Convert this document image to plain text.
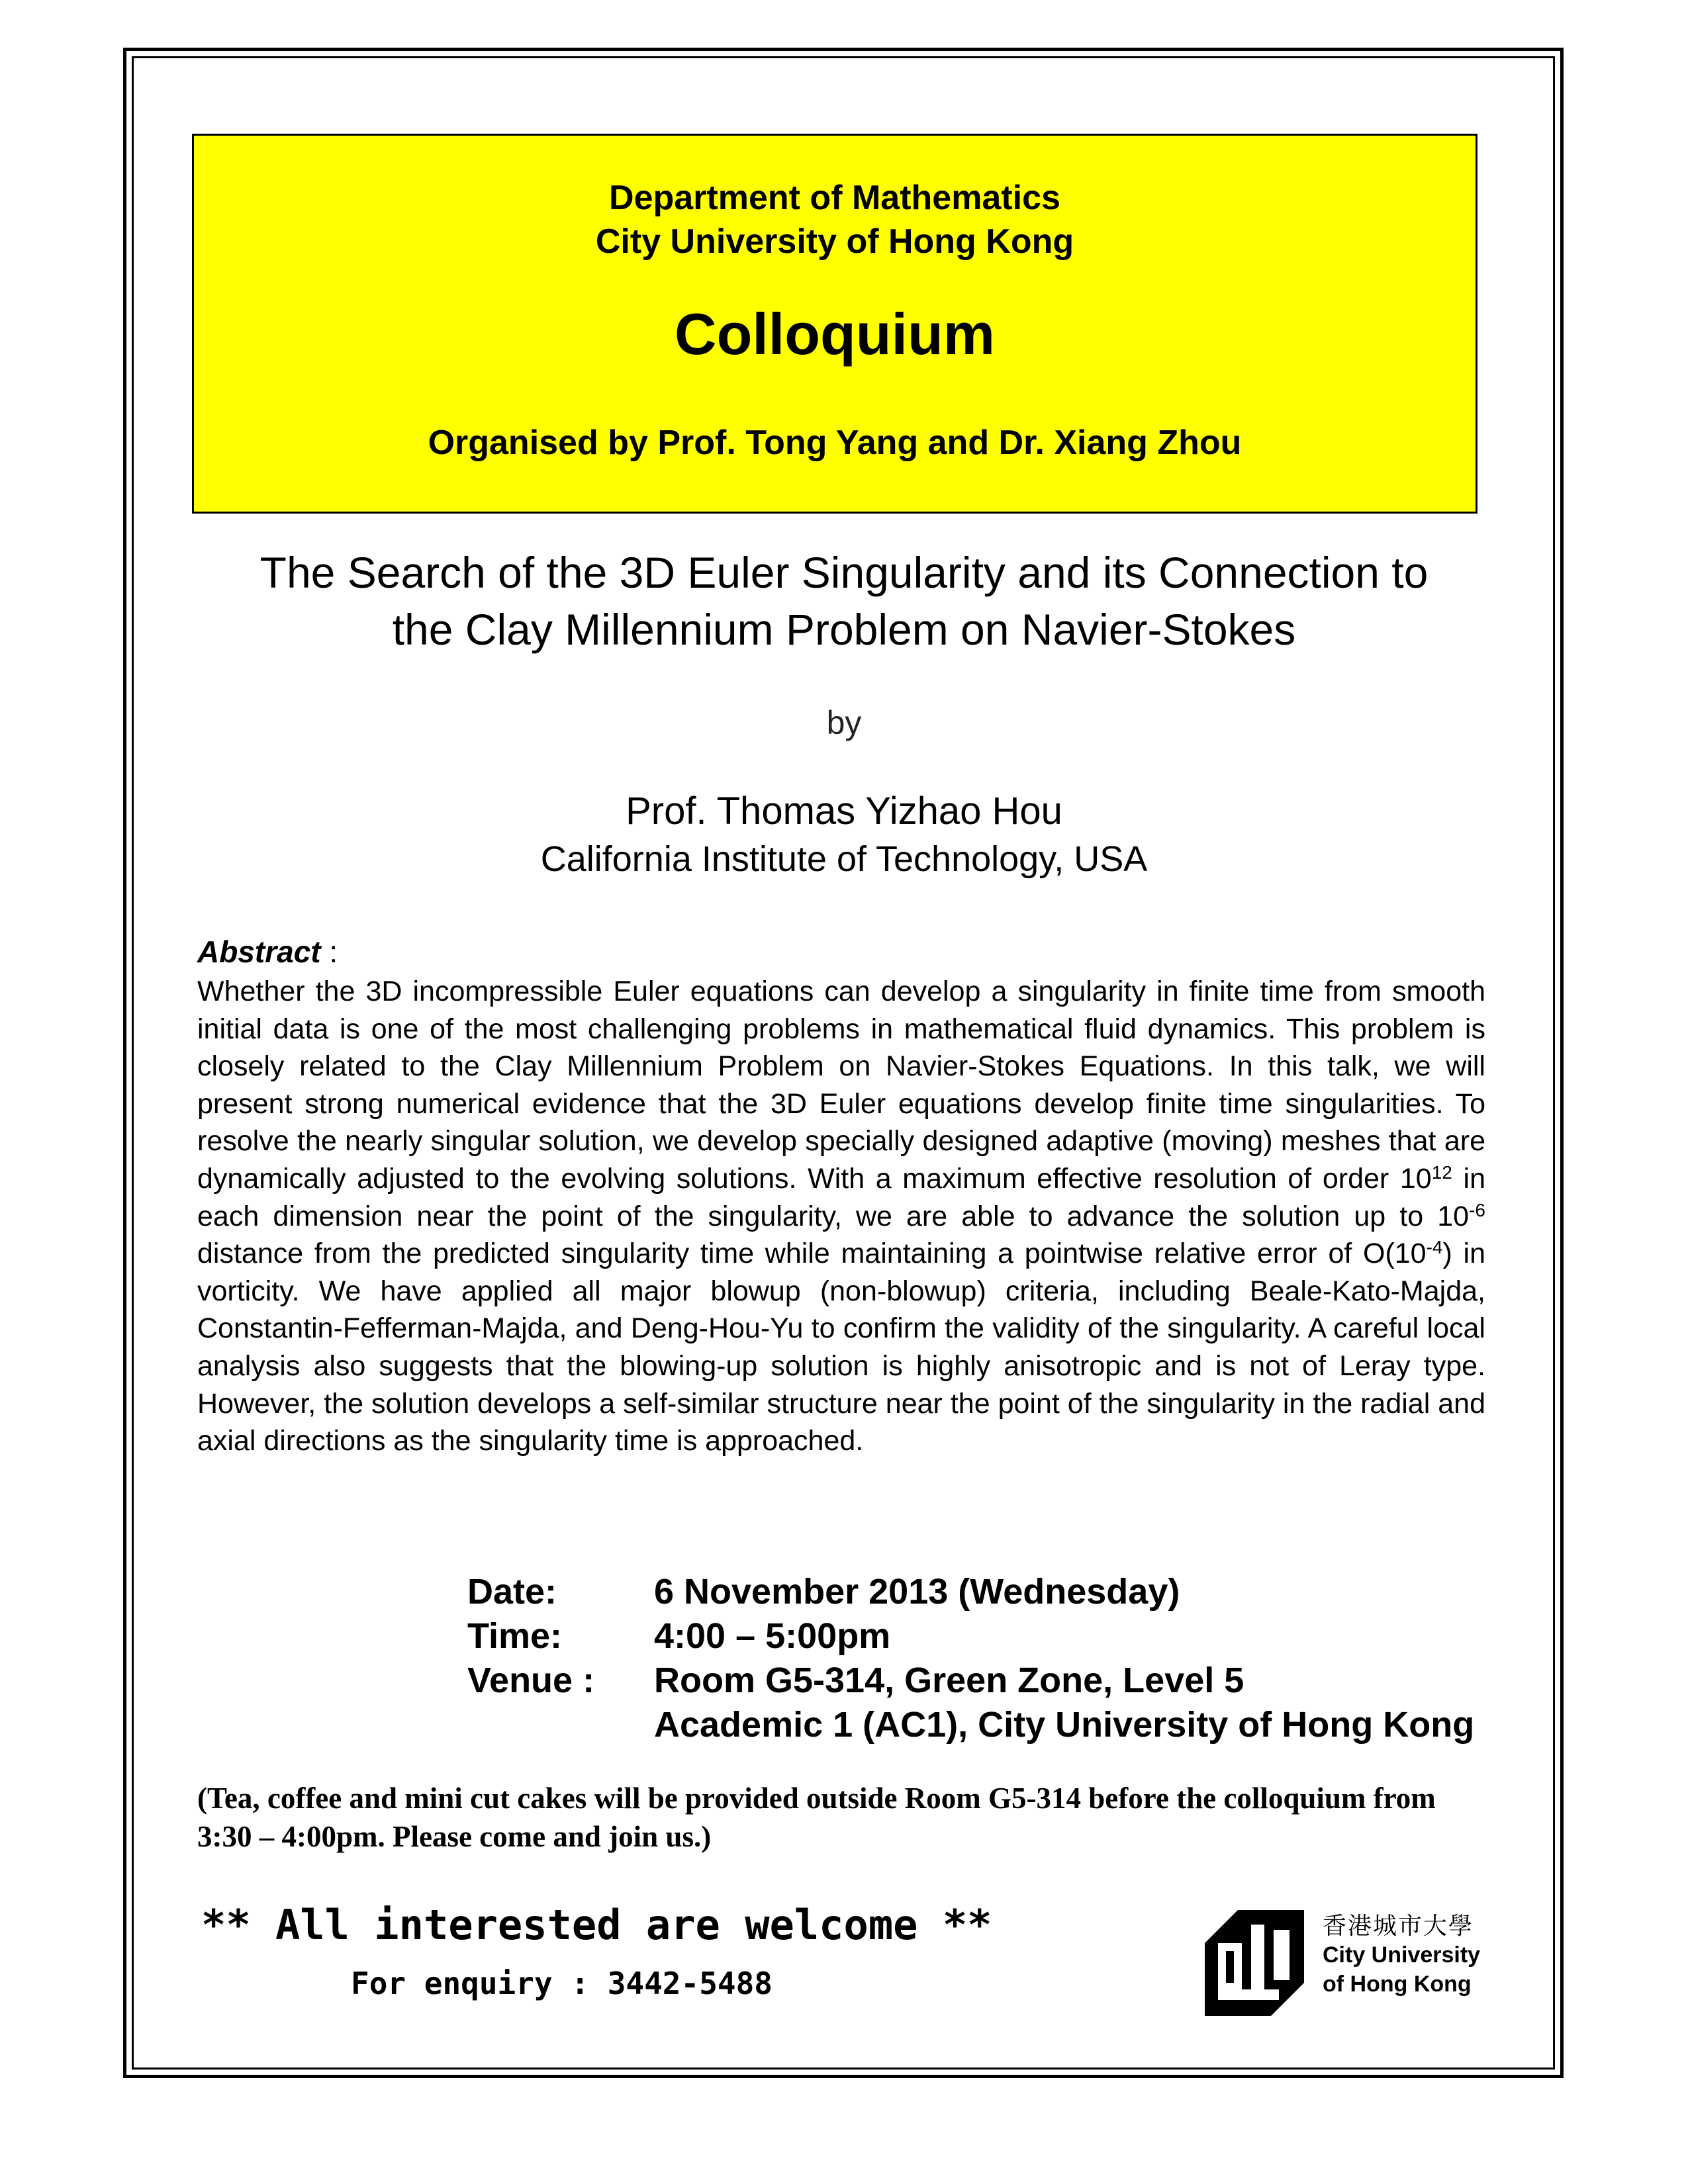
Department of Mathematics
City University of Hong Kong
Colloquium
Organised by Prof. Tong Yang and Dr. Xiang Zhou
The Search of the 3D Euler Singularity and its Connection to
the Clay Millennium Problem on Navier-Stokes
by
Prof. Thomas Yizhao Hou
California Institute of Technology, USA
Abstract :
Whether the 3D incompressible Euler equations can develop a singularity in finite time from smooth initial data is one of the most challenging problems in mathematical fluid dynamics. This problem is closely related to the Clay Millennium Problem on Navier-Stokes Equations. In this talk, we will present strong numerical evidence that the 3D Euler equations develop finite time singularities. To resolve the nearly singular solution, we develop specially designed adaptive (moving) meshes that are dynamically adjusted to the evolving solutions. With a maximum effective resolution of order $10^{12}$ in each dimension near the point of the singularity, we are able to advance the solution up to $10^{-6}$ distance from the predicted singularity time while maintaining a pointwise relative error of $O(10^{-4})$ in vorticity. We have applied all major blowup (non-blowup) criteria, including Beale-Kato-Majda, Constantin-Fefferman-Majda, and Deng-Hou-Yu to confirm the validity of the singularity. A careful local analysis also suggests that the blowing-up solution is highly anisotropic and is not of Leray type. However, the solution develops a self-similar structure near the point of the singularity in the radial and axial directions as the singularity time is approached.
Date:	6 November 2013 (Wednesday)
Time:	4:00 – 5:00pm
Venue :	Room G5-314, Green Zone, Level 5
Academic 1 (AC1), City University of Hong Kong
(Tea, coffee and mini cut cakes will be provided outside Room G5-314 before the colloquium from 3:30 – 4:00pm. Please come and join us.)
** All interested are welcome **
For enquiry : 3442-5488
香港城市大學
City University
of Hong Kong
